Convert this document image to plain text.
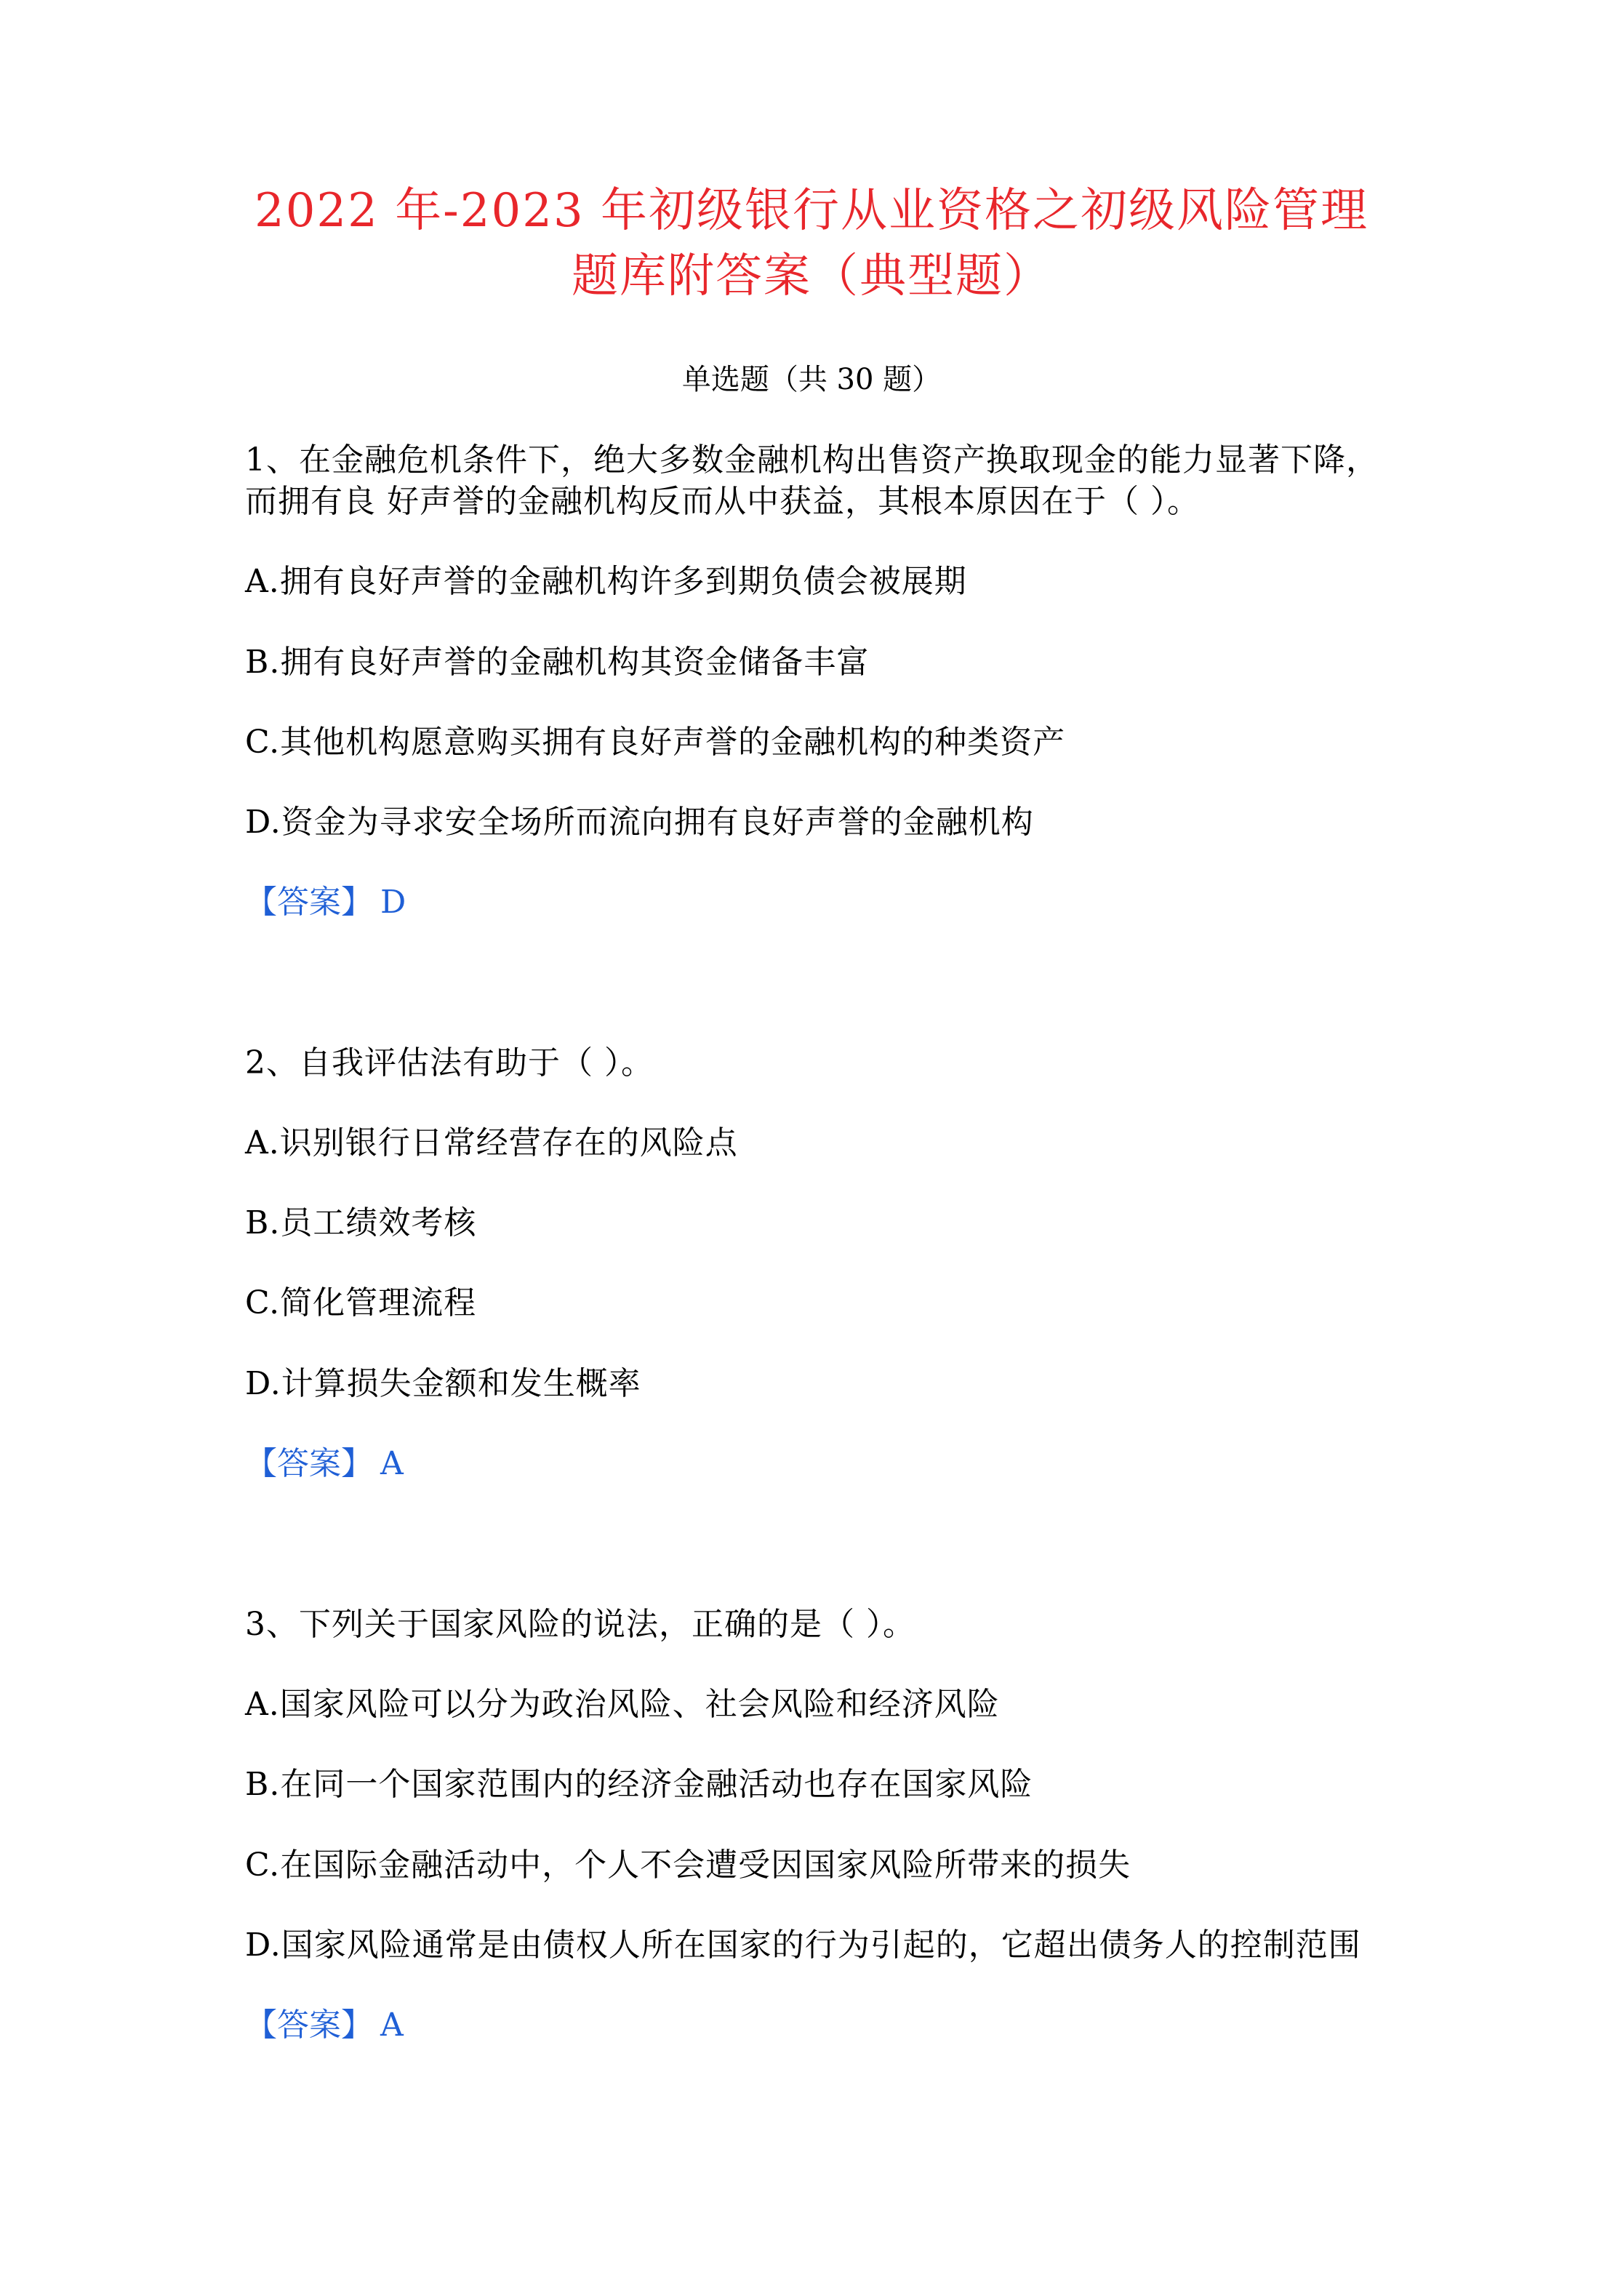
2022 年-2023 年初级银行从业资格之初级风险管理
题库附答案（典型题）
单选题（共 30 题）
1、在金融危机条件下，绝大多数金融机构出售资产换取现金的能力显著下降，
而拥有良 好声誉的金融机构反而从中获益，其根本原因在于（ ）。
A.拥有良好声誉的金融机构许多到期负债会被展期
B.拥有良好声誉的金融机构其资金储备丰富
C.其他机构愿意购买拥有良好声誉的金融机构的种类资产
D.资金为寻求安全场所而流向拥有良好声誉的金融机构
【答案】 D
2、自我评估法有助于（ ）。
A.识别银行日常经营存在的风险点
B.员工绩效考核
C.简化管理流程
D.计算损失金额和发生概率
【答案】 A
3、下列关于国家风险的说法，正确的是（ ）。
A.国家风险可以分为政治风险、社会风险和经济风险
B.在同一个国家范围内的经济金融活动也存在国家风险
C.在国际金融活动中，个人不会遭受因国家风险所带来的损失
D.国家风险通常是由债权人所在国家的行为引起的，它超出债务人的控制范围
【答案】 A
